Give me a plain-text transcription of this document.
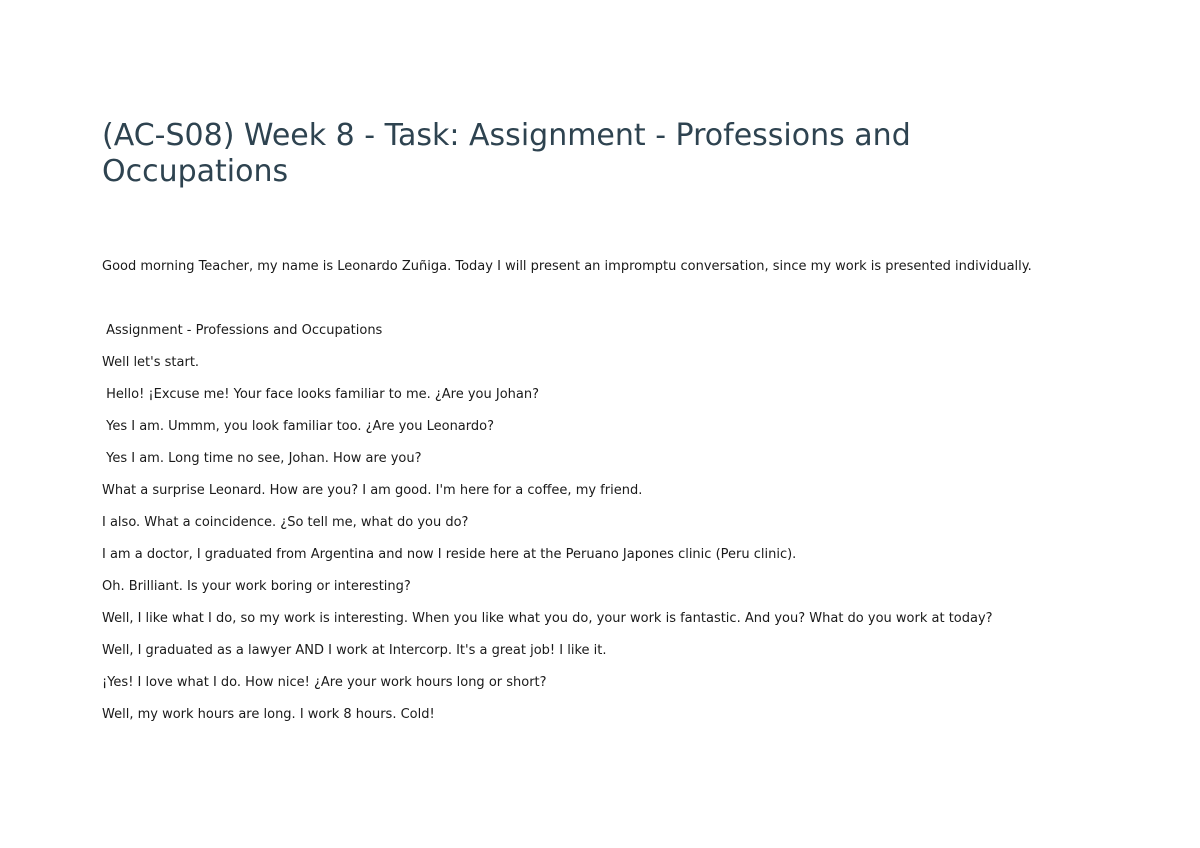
(AC-S08) Week 8 - Task: Assignment - Professions and Occupations

Good morning Teacher, my name is Leonardo Zuñiga. Today I will present an impromptu conversation, since my work is presented individually.

Assignment - Professions and Occupations
Well let's start.
Hello! ¡Excuse me! Your face looks familiar to me. ¿Are you Johan?
Yes I am. Ummm, you look familiar too. ¿Are you Leonardo?
Yes I am. Long time no see, Johan. How are you?
What a surprise Leonard. How are you? I am good. I'm here for a coffee, my friend.
I also. What a coincidence. ¿So tell me, what do you do?
I am a doctor, I graduated from Argentina and now I reside here at the Peruano Japones clinic (Peru clinic).
Oh. Brilliant. Is your work boring or interesting?
Well, I like what I do, so my work is interesting. When you like what you do, your work is fantastic. And you? What do you work at today?
Well, I graduated as a lawyer AND I work at Intercorp. It's a great job! I like it.
¡Yes! I love what I do. How nice! ¿Are your work hours long or short?
Well, my work hours are long. I work 8 hours. Cold!
